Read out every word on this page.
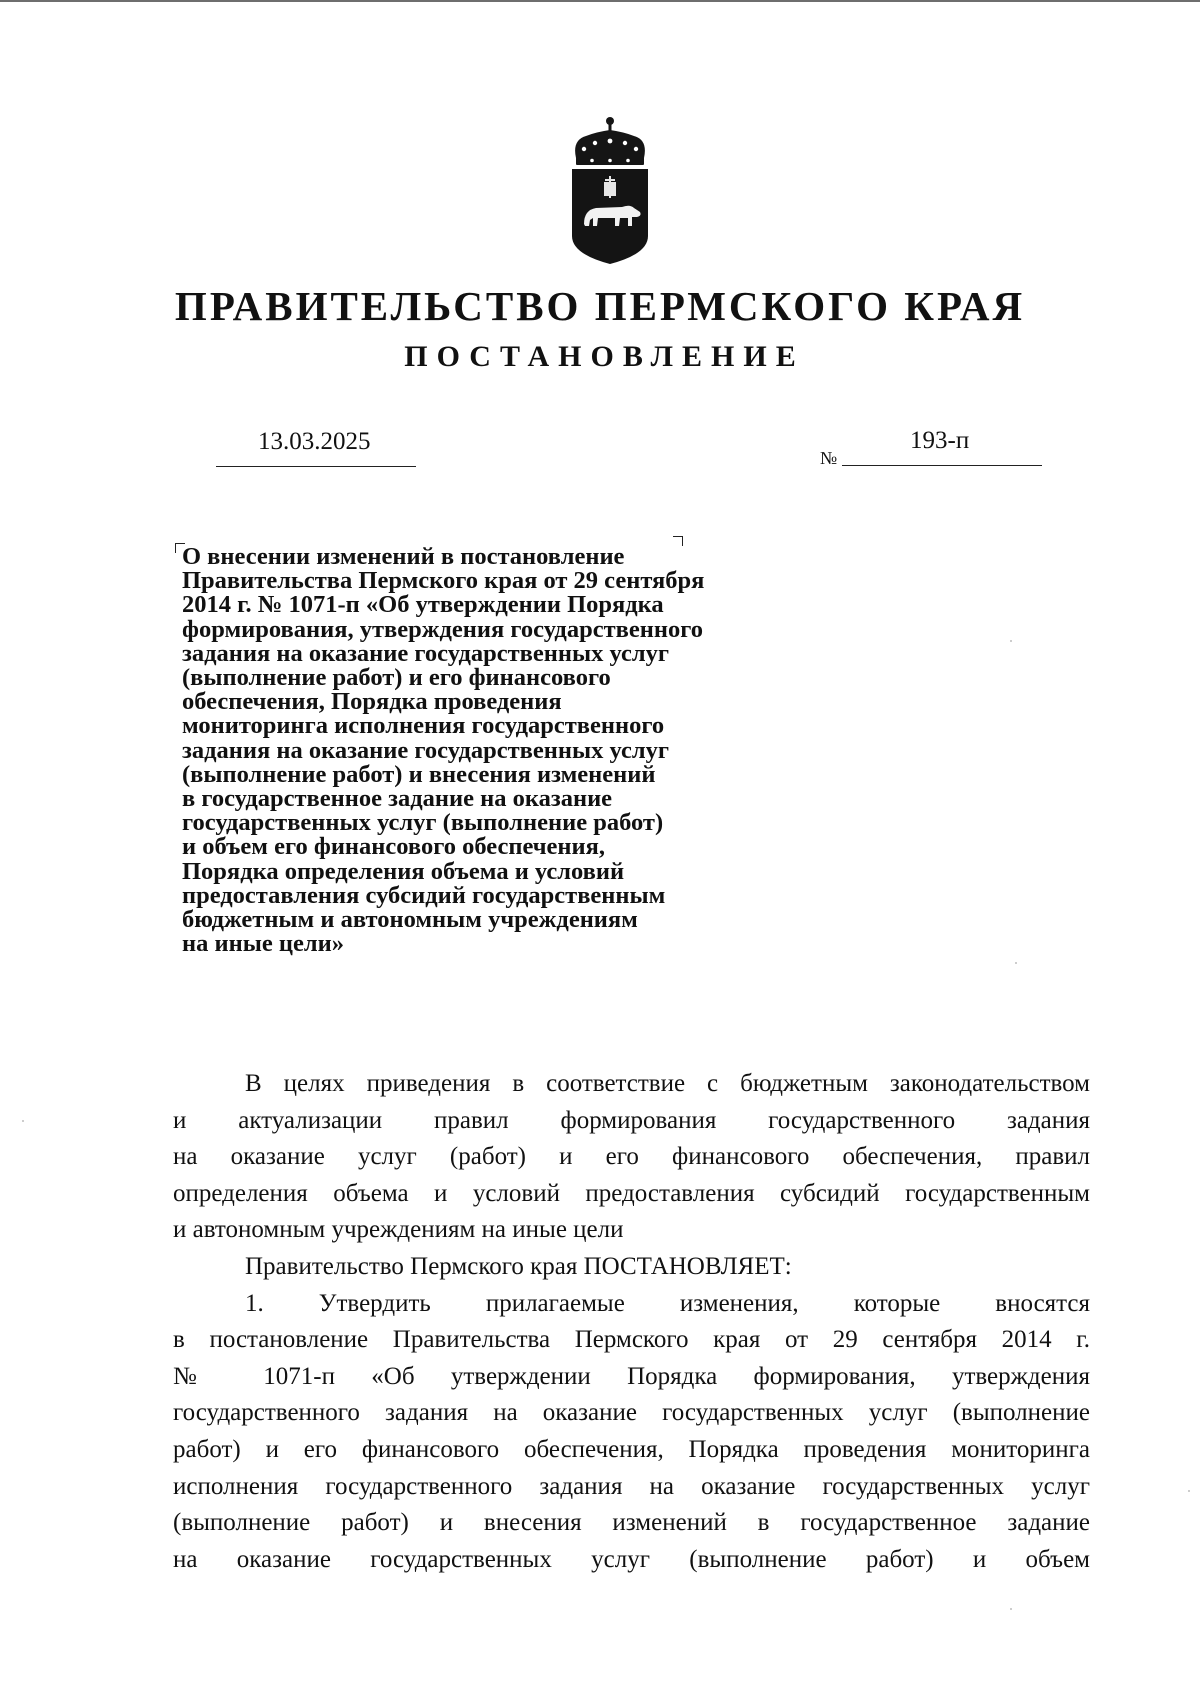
ПРАВИТЕЛЬСТВО ПЕРМСКОГО КРАЯ
ПОСТАНОВЛЕНИЕ
13.03.2025
№
193-п
О внесении изменений в постановление
Правительства Пермского края от 29 сентября
2014 г. № 1071-п «Об утверждении Порядка
формирования, утверждения государственного
задания на оказание государственных услуг
(выполнение работ) и его финансового
обеспечения, Порядка проведения
мониторинга исполнения государственного
задания на оказание государственных услуг
(выполнение работ) и внесения изменений
в государственное задание на оказание
государственных услуг (выполнение работ)
и объем его финансового обеспечения,
Порядка определения объема и условий
предоставления субсидий государственным
бюджетным и автономным учреждениям
на иные цели»

В целях приведения в соответствие с бюджетным законодательством

и актуализации правил формирования государственного задания

на оказание услуг (работ) и его финансового обеспечения, правил

определения объема и условий предоставления субсидий государственным

и автономным учреждениям на иные цели

Правительство Пермского края ПОСТАНОВЛЯЕТ:

1. Утвердить прилагаемые изменения, которые вносятся

в постановление Правительства Пермского края от 29 сентября 2014 г.

№ 1071-п «Об утверждении Порядка формирования, утверждения

государственного задания на оказание государственных услуг (выполнение

работ) и его финансового обеспечения, Порядка проведения мониторинга

исполнения государственного задания на оказание государственных услуг

(выполнение работ) и внесения изменений в государственное задание

на оказание государственных услуг (выполнение работ) и объем
